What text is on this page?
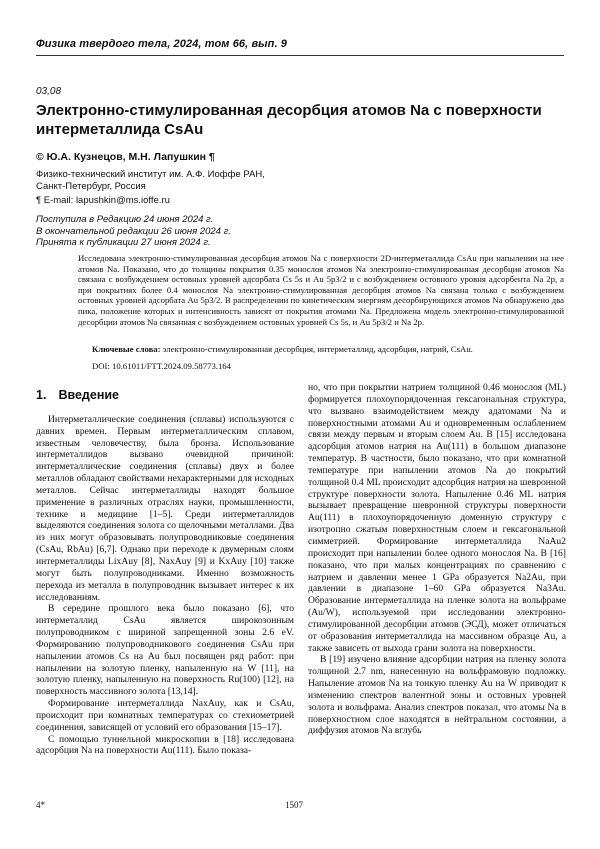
Физика твердого тела, 2024, том 66, вып. 9
03,08
Электронно-стимулированная десорбция атомов Na с поверхности интерметаллида CsAu
© Ю.А. Кузнецов, М.Н. Лапушкин ¶
Физико-технический институт им. А.Ф. Иоффе РАН,
Санкт-Петербург, Россия
¶ E-mail: lapushkin@ms.ioffe.ru
Поступила в Редакцию 24 июня 2024 г.
В окончательной редакции 26 июня 2024 г.
Принята к публикации 27 июня 2024 г.
Исследована электронно-стимулированная десорбция атомов Na с поверхности 2D-интерметаллида CsAu при напылении на нее атомов Na. Показано, что до толщины покрытия 0.35 монослоя атомов Na электронно-стимулированная десорбция атомов Na связана с возбуждением остовных уровней адсорбата Cs 5s и Au 5p3/2 и с возбуждением остовного уровня адсорбента Na 2p, а при покрытиях более 0.4 монослоя Na электронно-стимулированная десорбция атомов Na связана только с возбуждением остовных уровней адсорбата Au 5p3/2. В распределении по кинетическим энергиям десорбирующихся атомов Na обнаружено два пика, положение которых и интенсивность зависят от покрытия атомами Na. Предложена модель электронно-стимулированной десорбции атомов Na связанная с возбуждением остовных уровней Cs 5s, и Au 5p3/2 и Na 2p.
Ключевые слова: электронно-стимулированная десорбция, интерметаллид, адсорбция, натрий, CsAu.
DOI: 10.61011/FTT.2024.09.58773.164

1. Введение

Интерметаллические соединения (сплавы) используются с давних времен. Первым интерметаллическим сплавом, известным человечеству, была бронза. Использование интерметаллидов вызвано очевидной причиной: интерметаллические соединения (сплавы) двух и более металлов обладают свойствами нехарактерными для исходных металлов. Сейчас интерметаллиды находят большое применение в различных отраслях науки, промышленности, технике и медицине [1–5]. Среди интерметаллидов выделяются соединения золота со щелочными металлами. Два из них могут образовывать полупроводниковые соединения (CsAu, RbAu) [6,7]. Однако при переходе к двумерным слоям интерметаллиды LixAuy [8], NaxAuy [9] и KxAuy [10] также могут быть полупроводниками. Именно возможность перехода из металла в полупроводник вызывает интерес к их исследованиям.

В середине прошлого века было показано [6], что интерметаллид CsAu является широкозонным полупроводником с шириной запрещенной зоны 2.6 eV. Формированию полупроводникового соединения CsAu при напылении атомов Cs на Au был посвящен ряд работ: при напылении на золотую пленку, напыленную на W [11], на золотую пленку, напыленную на поверхность Ru(100) [12], на поверхность массивного золота [13,14].

Формирование интерметаллида NaxAuy, как и CsAu, происходит при комнатных температурах со стехиометрией соединения, зависящей от условий его образования [15–17].

С помощью туннельной микроскопии в [18] исследована адсорбция Na на поверхности Au(111). Было показа-

но, что при покрытии натрием толщиной 0.46 монослоя (ML) формируется плохоупорядоченная гексагональная структура, что вызвано взаимодействием между адатомами Na и поверхностными атомами Au и одновременным ослаблением связи между первым и вторым слоем Au. В [15] исследована адсорбция атомов натрия на Au(111) в большом диапазоне температур. В частности, было показано, что при комнатной температуре при напылении атомов Na до покрытий толщиной 0.4 ML происходит адсорбция натрия на шевронной структуре поверхности золота. Напыление 0.46 ML натрия вызывает превращение шевронной структуры поверхности Au(111) в плохоупорядоченную доменную структуру с изотропно сжатым поверхностным слоем и гексагональной симметрией. Формирование интерметаллида NaAu2 происходит при напылении более одного монослоя Na. В [16] показано, что при малых концентрациях по сравнению с натрием и давлении менее 1 GPa образуется Na2Au, при давлении в диапазоне 1–60 GPa образуется Na3Au. Образование интерметаллида на пленке золота на вольфраме (Au/W), используемой при исследовании электронно-стимулированной десорбции атомов (ЭСД), может отличаться от образования интерметаллида на массивном образце Au, а также зависеть от выхода грани золота на поверхности.

В [19] изучено влияние адсорбции натрия на пленку золота толщиной 2.7 nm, нанесенную на вольфрамовую подложку. Напыление атомов Na на тонкую пленку Au на W приводит к изменению спектров валентной зоны и остовных уровней золота и вольфрама. Анализ спектров показал, что атомы Na в поверхностном слое находятся в нейтральном состоянии, а диффузия атомов Na вглубь

4*	1507
